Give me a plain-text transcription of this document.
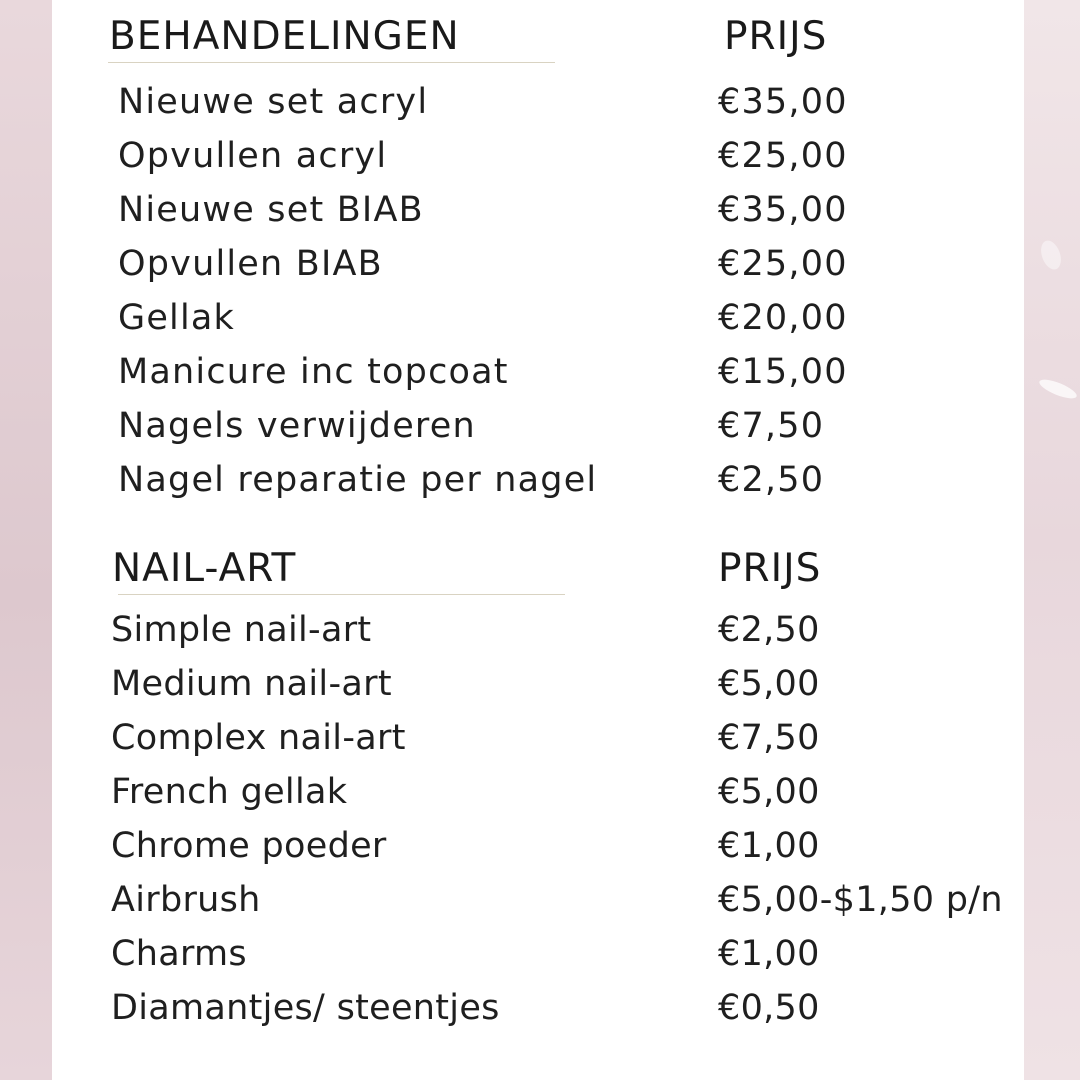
BEHANDELINGEN	PRIJS
Nieuwe set acryl	€35,00
Opvullen acryl	€25,00
Nieuwe set BIAB	€35,00
Opvullen BIAB	€25,00
Gellak	€20,00
Manicure inc topcoat	€15,00
Nagels verwijderen	€7,50
Nagel reparatie per nagel	€2,50
NAIL-ART	PRIJS
Simple nail-art	€2,50
Medium nail-art	€5,00
Complex nail-art	€7,50
French gellak	€5,00
Chrome poeder	€1,00
Airbrush	€5,00-$1,50 p/n
Charms	€1,00
Diamantjes/ steentjes	€0,50
